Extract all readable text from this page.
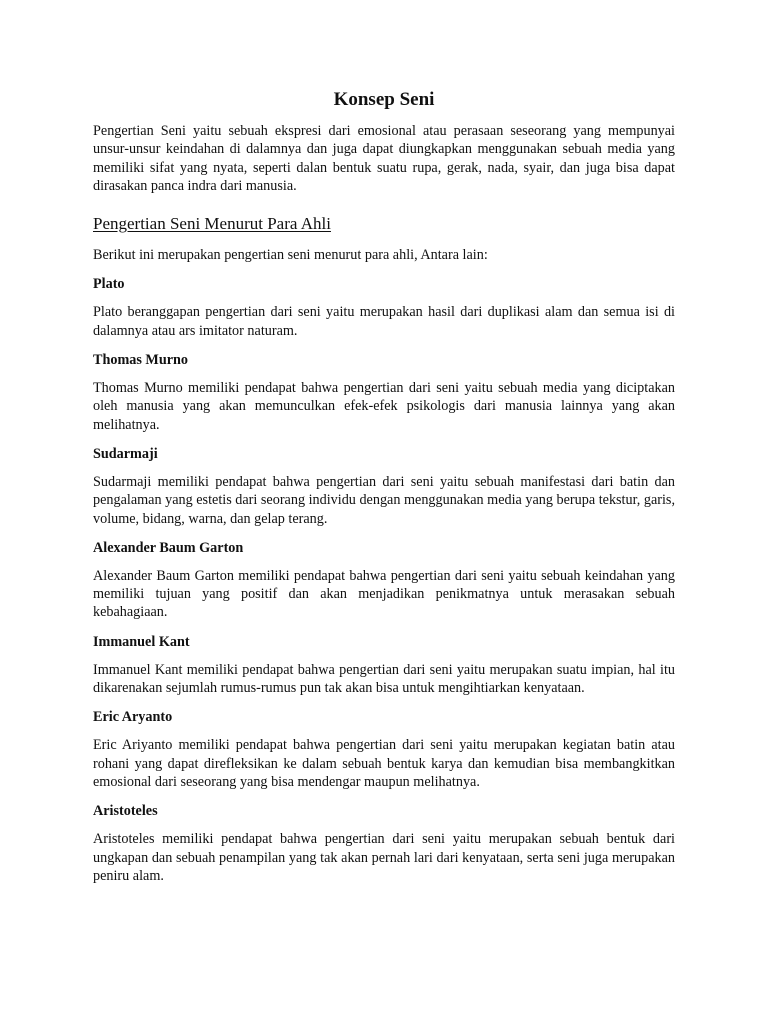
Konsep Seni

Pengertian Seni yaitu sebuah ekspresi dari emosional atau perasaan seseorang yang mempunyai unsur-unsur keindahan di dalamnya dan juga dapat diungkapkan menggunakan sebuah media yang memiliki sifat yang nyata, seperti dalan bentuk suatu rupa, gerak, nada, syair, dan juga bisa dapat dirasakan panca indra dari manusia.

Pengertian Seni Menurut Para Ahli

Berikut ini merupakan pengertian seni menurut para ahli, Antara lain:

Plato

Plato beranggapan pengertian dari seni yaitu merupakan hasil dari duplikasi alam dan semua isi di dalamnya atau ars imitator naturam.

Thomas Murno

Thomas Murno memiliki pendapat bahwa pengertian dari seni yaitu sebuah media yang diciptakan oleh manusia yang akan memunculkan efek-efek psikologis dari manusia lainnya yang akan melihatnya.

Sudarmaji

Sudarmaji memiliki pendapat bahwa pengertian dari seni yaitu sebuah manifestasi dari batin dan pengalaman yang estetis dari seorang individu dengan menggunakan media yang berupa tekstur, garis, volume, bidang, warna, dan gelap terang.

Alexander Baum Garton

Alexander Baum Garton memiliki pendapat bahwa pengertian dari seni yaitu sebuah keindahan yang memiliki tujuan yang positif dan akan menjadikan penikmatnya untuk merasakan sebuah kebahagiaan.

Immanuel Kant

Immanuel Kant memiliki pendapat bahwa pengertian dari seni yaitu merupakan suatu impian, hal itu dikarenakan sejumlah rumus-rumus pun tak akan bisa untuk mengihtiarkan kenyataan.

Eric Aryanto

Eric Ariyanto memiliki pendapat bahwa pengertian dari seni yaitu merupakan kegiatan batin atau rohani yang dapat direfleksikan ke dalam sebuah bentuk karya dan kemudian bisa membangkitkan emosional dari seseorang yang bisa mendengar maupun melihatnya.

Aristoteles

Aristoteles memiliki pendapat bahwa pengertian dari seni yaitu merupakan sebuah bentuk dari ungkapan dan sebuah penampilan yang tak akan pernah lari dari kenyataan, serta seni juga merupakan peniru alam.
